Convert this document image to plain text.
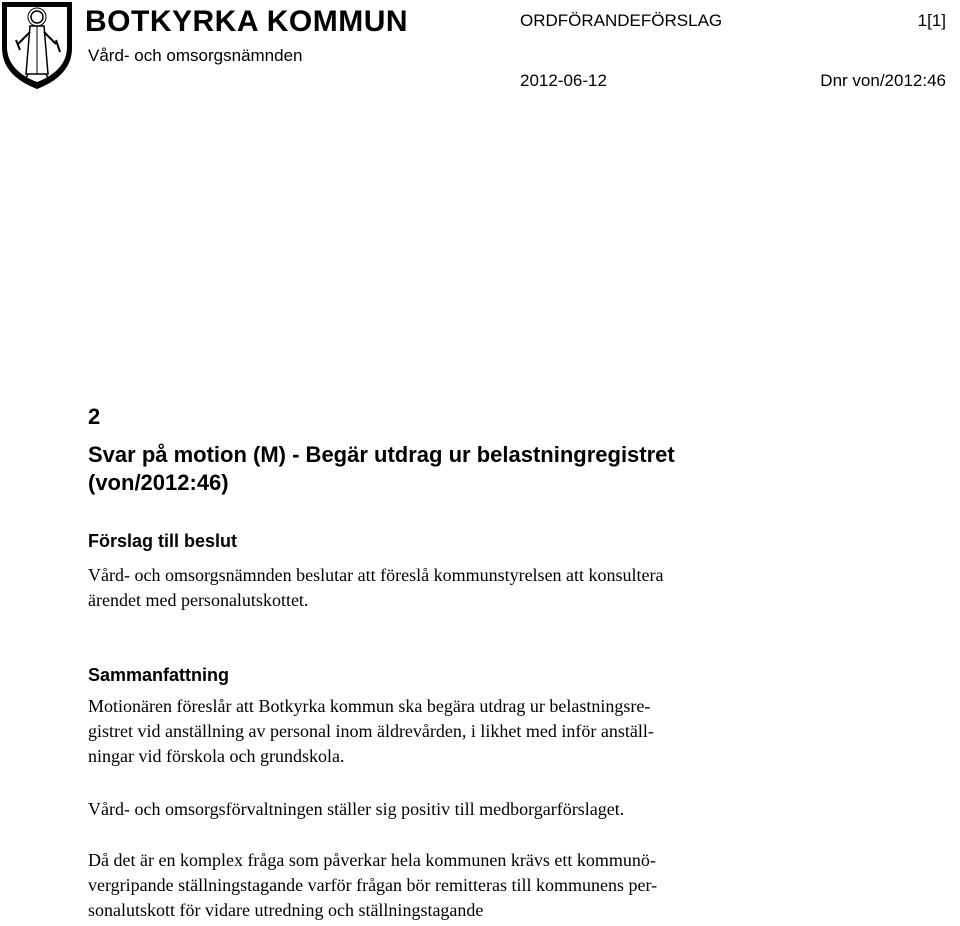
BOTKYRKA KOMMUN
Vård- och omsorgsnämnden
ORDFÖRANDEFÖRSLAG	1[1]
2012-06-12	Dnr von/2012:46
2
Svar på motion (M) - Begär utdrag ur belastningregistret
(von/2012:46)
Förslag till beslut

Vård- och omsorgsnämnden beslutar att föreslå kommunstyrelsen att konsultera

ärendet med personalutskottet.

Sammanfattning

Motionären föreslår att Botkyrka kommun ska begära utdrag ur belastningsre-

gistret vid anställning av personal inom äldrevården, i likhet med inför anställ-

ningar vid förskola och grundskola.

Vård- och omsorgsförvaltningen ställer sig positiv till medborgarförslaget.

Då det är en komplex fråga som påverkar hela kommunen krävs ett kommunö-

vergripande ställningstagande varför frågan bör remitteras till kommunens per-

sonalutskott för vidare utredning och ställningstagande
